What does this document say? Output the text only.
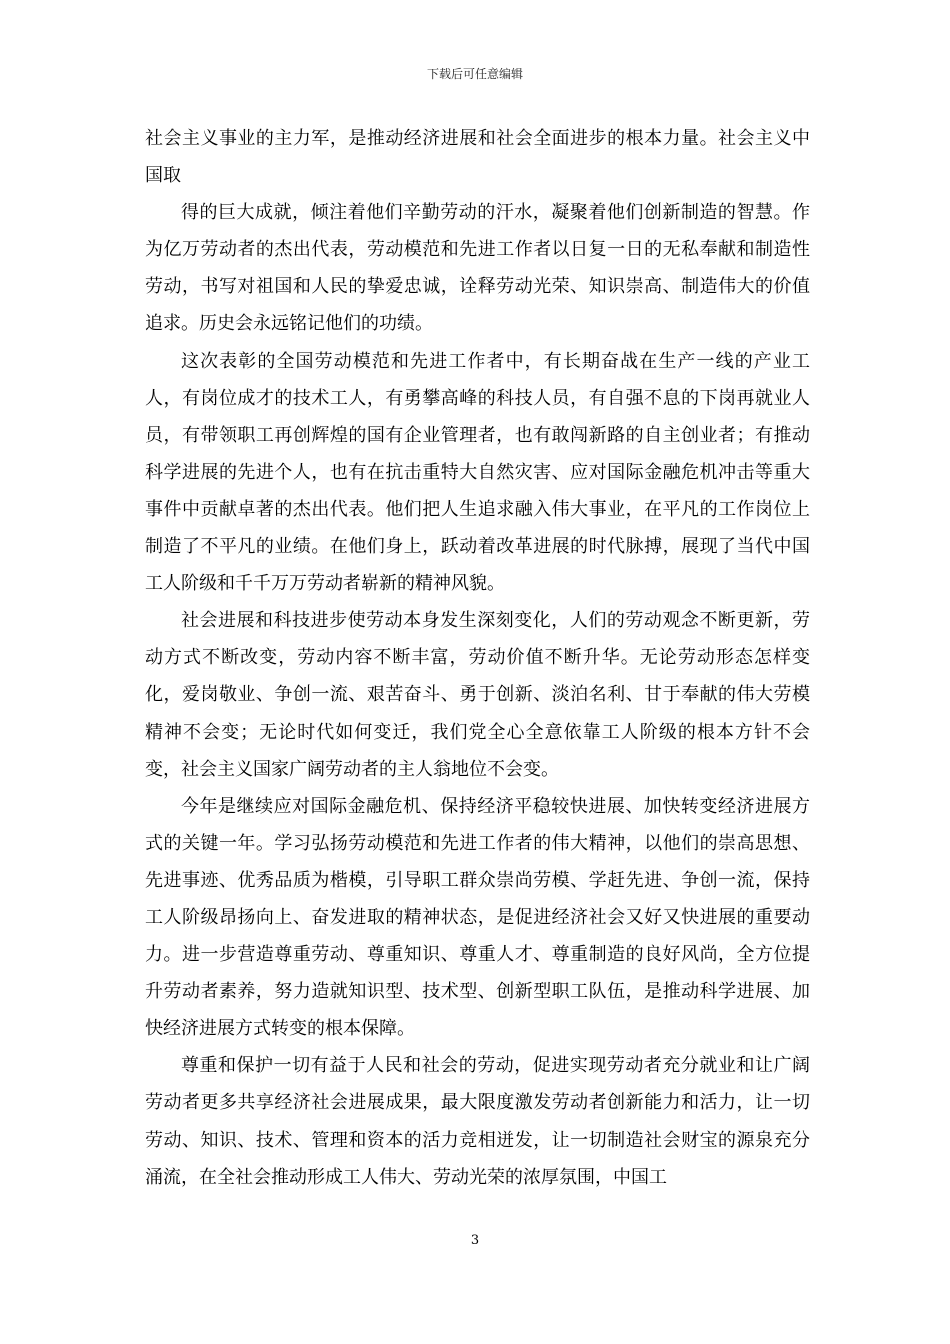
下载后可任意编辑

社会主义事业的主力军，是推动经济进展和社会全面进步的根本力量。社会主义中国取

得的巨大成就，倾注着他们辛勤劳动的汗水，凝聚着他们创新制造的智慧。作为亿万劳动者的杰出代表，劳动模范和先进工作者以日复一日的无私奉献和制造性劳动，书写对祖国和人民的挚爱忠诚，诠释劳动光荣、知识崇高、制造伟大的价值追求。历史会永远铭记他们的功绩。

这次表彰的全国劳动模范和先进工作者中，有长期奋战在生产一线的产业工人，有岗位成才的技术工人，有勇攀高峰的科技人员，有自强不息的下岗再就业人员，有带领职工再创辉煌的国有企业管理者，也有敢闯新路的自主创业者；有推动科学进展的先进个人，也有在抗击重特大自然灾害、应对国际金融危机冲击等重大事件中贡献卓著的杰出代表。他们把人生追求融入伟大事业，在平凡的工作岗位上制造了不平凡的业绩。在他们身上，跃动着改革进展的时代脉搏，展现了当代中国工人阶级和千千万万劳动者崭新的精神风貌。

社会进展和科技进步使劳动本身发生深刻变化，人们的劳动观念不断更新，劳动方式不断改变，劳动内容不断丰富，劳动价值不断升华。无论劳动形态怎样变化，爱岗敬业、争创一流、艰苦奋斗、勇于创新、淡泊名利、甘于奉献的伟大劳模精神不会变；无论时代如何变迁，我们党全心全意依靠工人阶级的根本方针不会变，社会主义国家广阔劳动者的主人翁地位不会变。

今年是继续应对国际金融危机、保持经济平稳较快进展、加快转变经济进展方式的关键一年。学习弘扬劳动模范和先进工作者的伟大精神，以他们的崇高思想、先进事迹、优秀品质为楷模，引导职工群众崇尚劳模、学赶先进、争创一流，保持工人阶级昂扬向上、奋发进取的精神状态，是促进经济社会又好又快进展的重要动力。进一步营造尊重劳动、尊重知识、尊重人才、尊重制造的良好风尚，全方位提升劳动者素养，努力造就知识型、技术型、创新型职工队伍，是推动科学进展、加快经济进展方式转变的根本保障。

尊重和保护一切有益于人民和社会的劳动，促进实现劳动者充分就业和让广阔劳动者更多共享经济社会进展成果，最大限度激发劳动者创新能力和活力，让一切劳动、知识、技术、管理和资本的活力竞相迸发，让一切制造社会财宝的源泉充分涌流，在全社会推动形成工人伟大、劳动光荣的浓厚氛围，中国工

3
